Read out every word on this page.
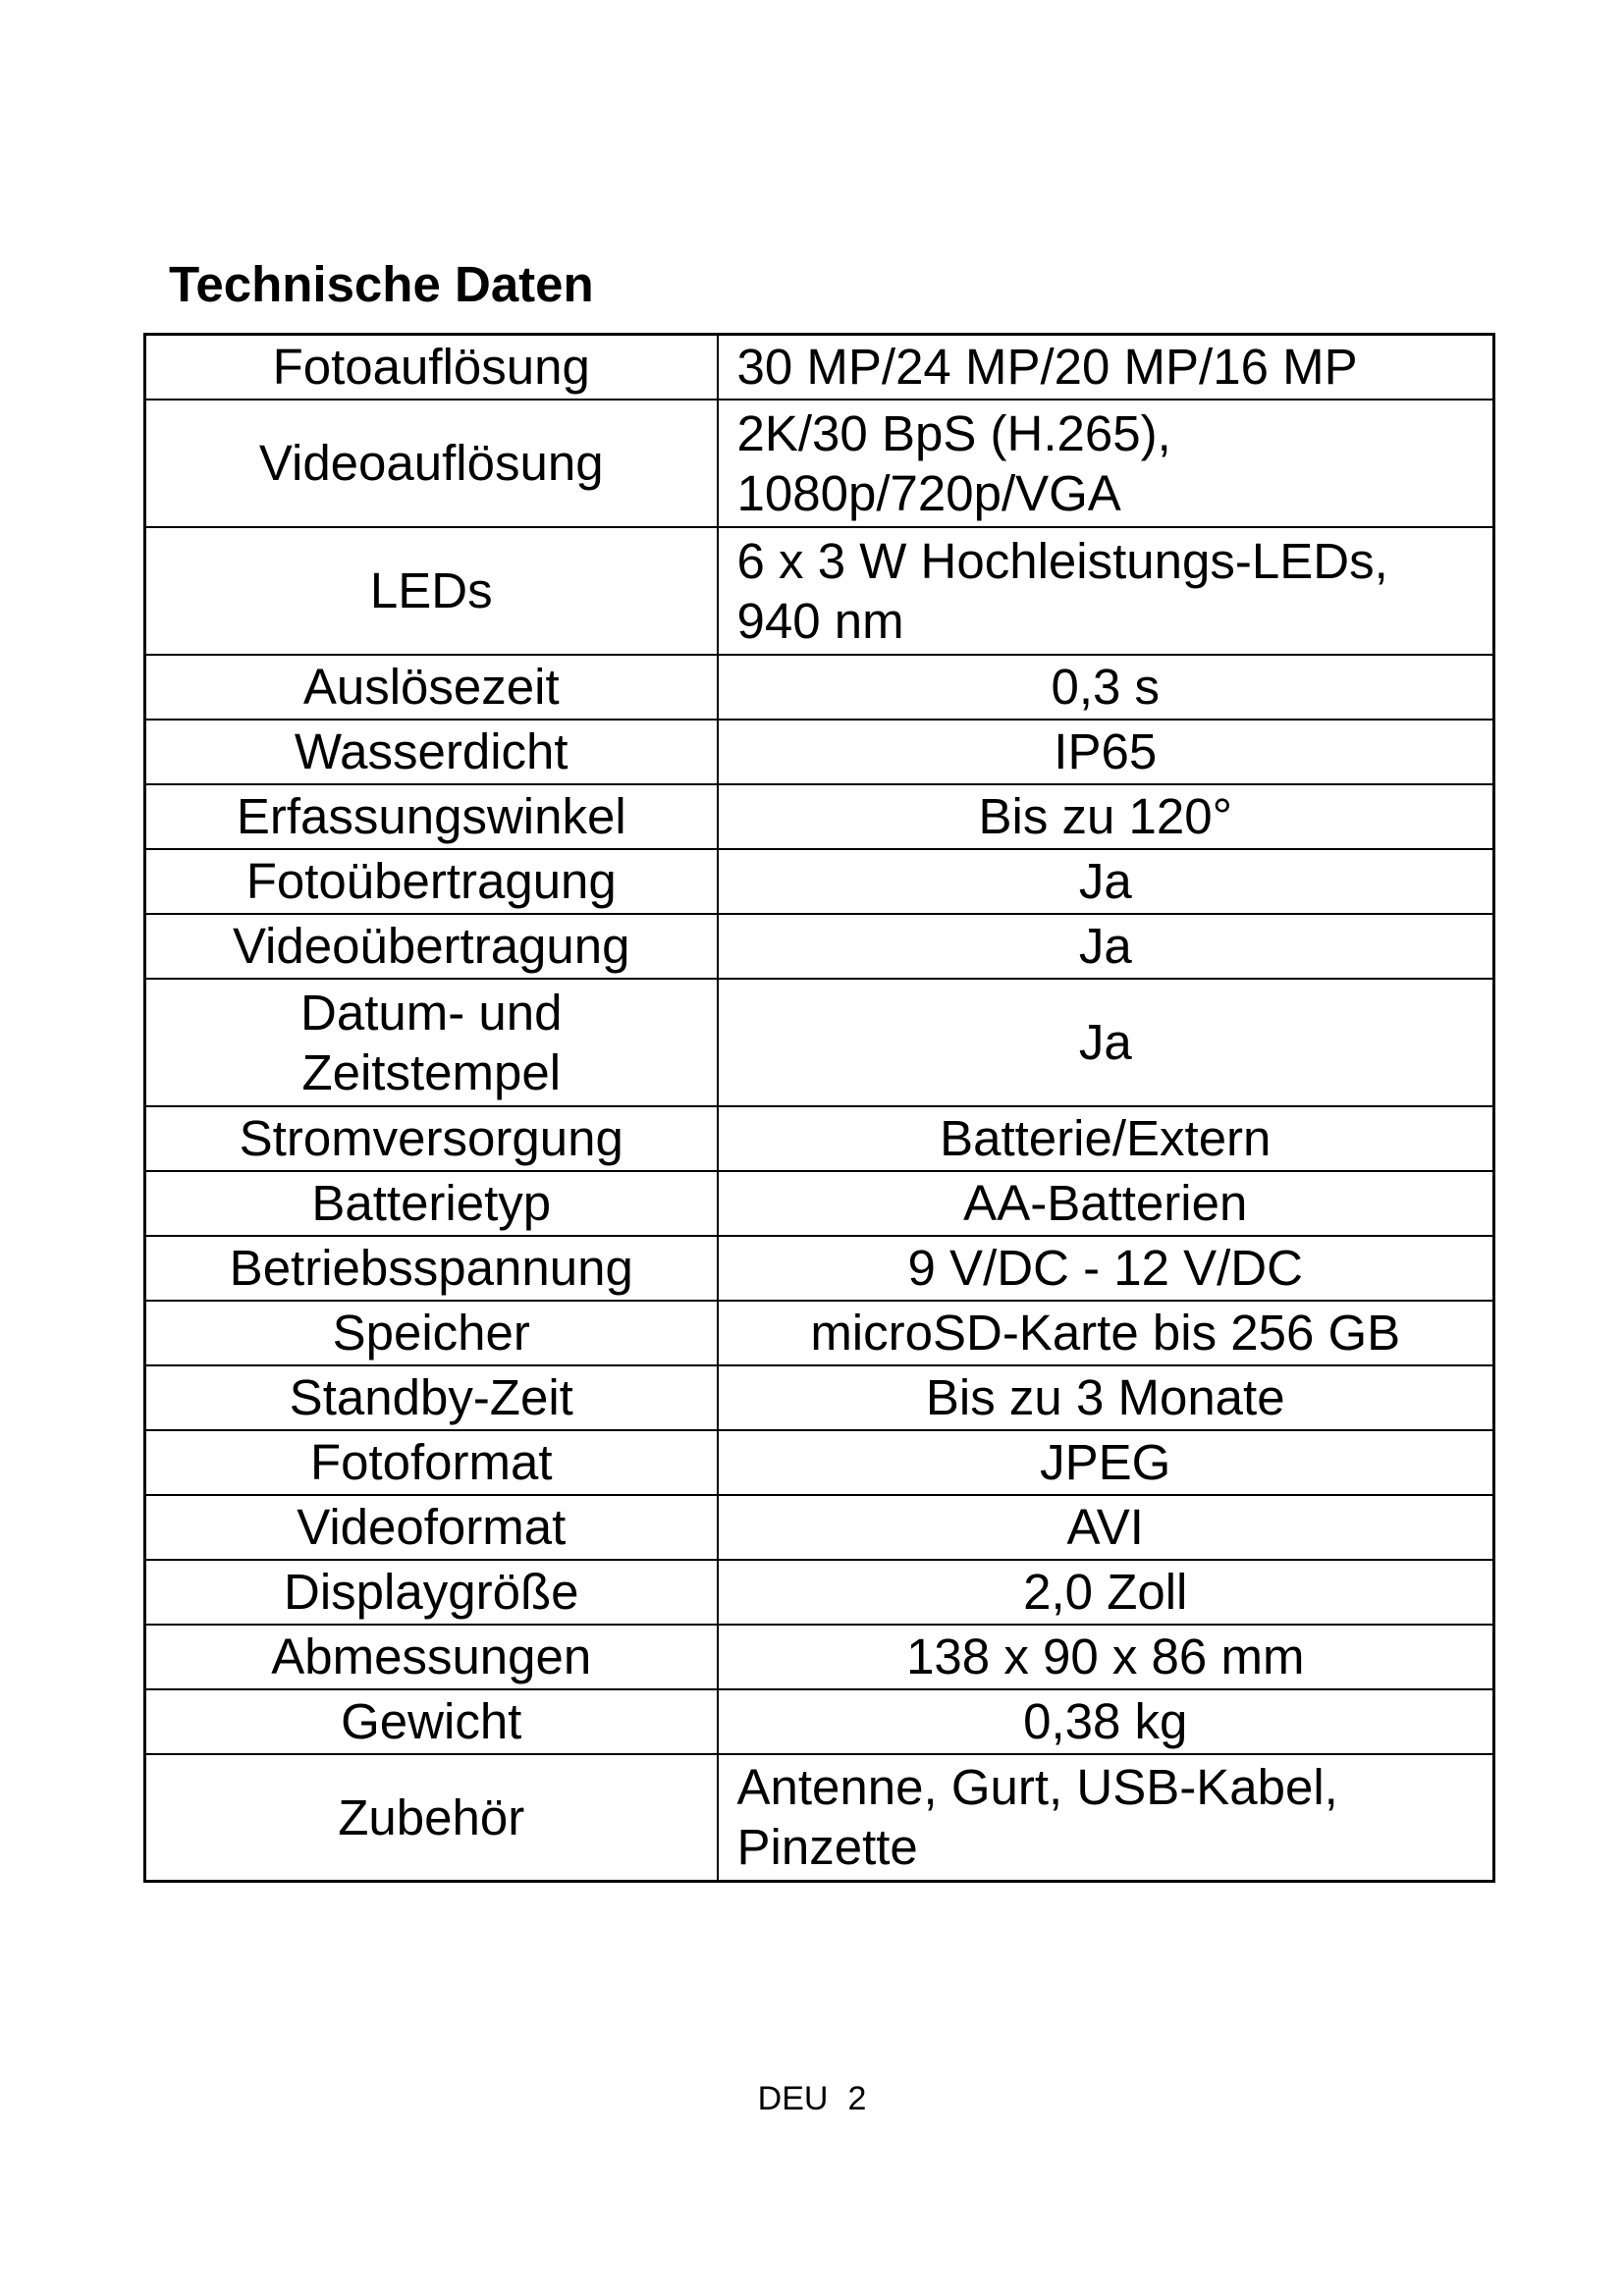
Technische Daten
Fotoauflösung	30 MP/24 MP/20 MP/16 MP
Videoauflösung	2K/30 BpS (H.265), 1080p/720p/VGA
LEDs	6 x 3 W Hochleistungs-LEDs, 940 nm
Auslösezeit	0,3 s
Wasserdicht	IP65
Erfassungswinkel	Bis zu 120°
Fotoübertragung	Ja
Videoübertragung	Ja
Datum- und Zeitstempel	Ja
Stromversorgung	Batterie/Extern
Batterietyp	AA-Batterien
Betriebsspannung	9 V/DC - 12 V/DC
Speicher	microSD-Karte bis 256 GB
Standby-Zeit	Bis zu 3 Monate
Fotoformat	JPEG
Videoformat	AVI
Displaygröße	2,0 Zoll
Abmessungen	138 x 90 x 86 mm
Gewicht	0,38 kg
Zubehör	Antenne, Gurt, USB-Kabel, Pinzette
DEU 2
